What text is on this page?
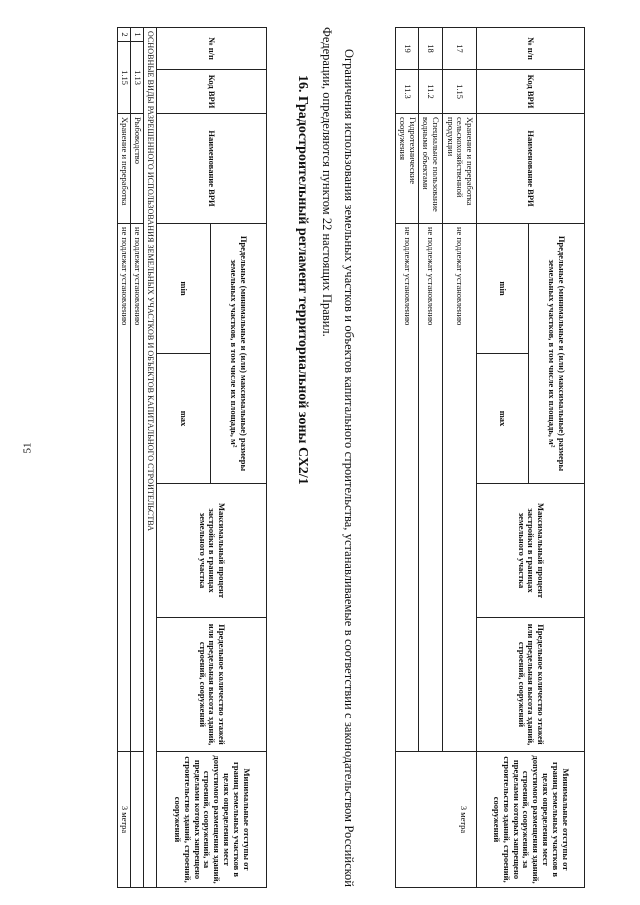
51
№ п/п	Код ВРИ	Наименование ВРИ	Предельные (минимальные и (или) максимальные) размеры земельных участков, в том числе их площадь, м²		Максимальный процент застройки в границах земельного участка	Предельное количество этажей или предельная высота зданий, строений, сооружений	Минимальные отступы от границ земельных участков в целях определения мест допустимого размещения зданий, строений, сооружений, за пределами которых запрещено строительство зданий, строений, сооружений
			min	max			
17	1.15	Хранение и переработка сельскохозяйственной продукции	не подлежат установлению				3 метра
18	11.2	Специальное пользование водными объектами	не подлежат установлению				
19	11.3	Гидротехнические сооружения	не подлежат установлению				
Ограничения использования земельных участков и объектов капитального строительства, устанавливаемые в соответствии с законодательством Российской Федерации, определяются пунктом 22 настоящих Правил.
16. Градостроительный регламент территориальной зоны СХ2/1
№ п/п		Код ВРИ	Наименование ВРИ	Предельные (минимальные и (или) максимальные) размеры земельных участков, в том числе их площадь, м²		Максимальный процент застройки в границах земельного участка	Предельное количество этажей или предельная высота зданий, строений, сооружений	Минимальные отступы от границ земельных участков в целях определения мест допустимого размещения зданий, строений, сооружений, за пределами которых запрещено строительство зданий, строений, сооружений
				min	max			
ОСНОВНЫЕ ВИДЫ РАЗРЕШЕННОГО ИСПОЛЬЗОВАНИЯ ЗЕМЕЛЬНЫХ УЧАСТКОВ И ОБЪЕКТОВ КАПИТАЛЬНОГО СТРОИТЕЛЬСТВА								
1	1.13		Рыбоводство	не подлежат установлению				
2	1.15		Хранение и переработка	не подлежат установлению				3 метра
